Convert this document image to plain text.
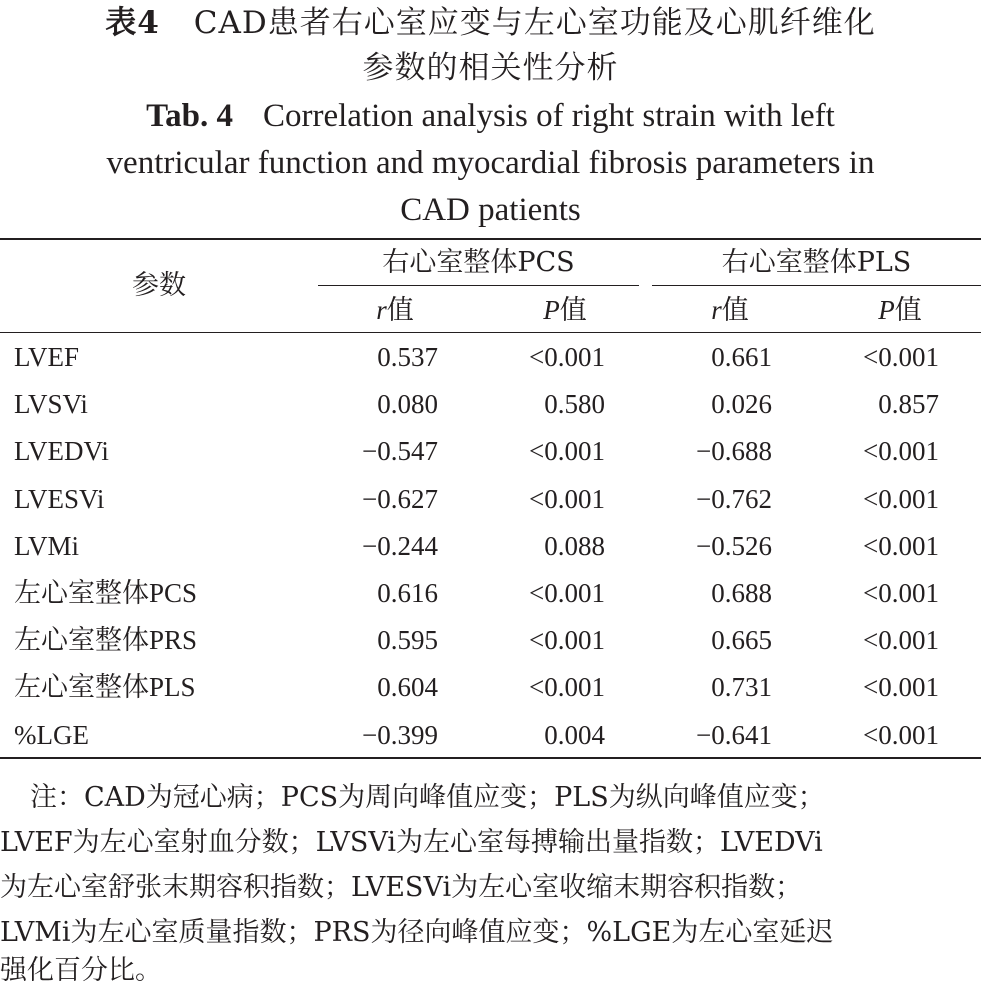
表4 CAD患者右心室应变与左心室功能及心肌纤维化
参数的相关性分析
Tab. 4 Correlation analysis of right strain with left
ventricular function and myocardial fibrosis parameters in
CAD patients
参数
右心室整体PCS	右心室整体PLS
r值	P值	r值	P值
LVEF	0.537	<0.001	0.661	<0.001
LVSVi	0.080	0.580	0.026	0.857
LVEDVi	−0.547	<0.001	−0.688	<0.001
LVESVi	−0.627	<0.001	−0.762	<0.001
LVMi	−0.244	0.088	−0.526	<0.001
左心室整体PCS	0.616	<0.001	0.688	<0.001
左心室整体PRS	0.595	<0.001	0.665	<0.001
左心室整体PLS	0.604	<0.001	0.731	<0.001
%LGE	−0.399	0.004	−0.641	<0.001
注：CAD为冠心病；PCS为周向峰值应变；PLS为纵向峰值应变；
LVEF为左心室射血分数；LVSVi为左心室每搏输出量指数；LVEDVi
为左心室舒张末期容积指数；LVESVi为左心室收缩末期容积指数；
LVMi为左心室质量指数；PRS为径向峰值应变；%LGE为左心室延迟
强化百分比。
